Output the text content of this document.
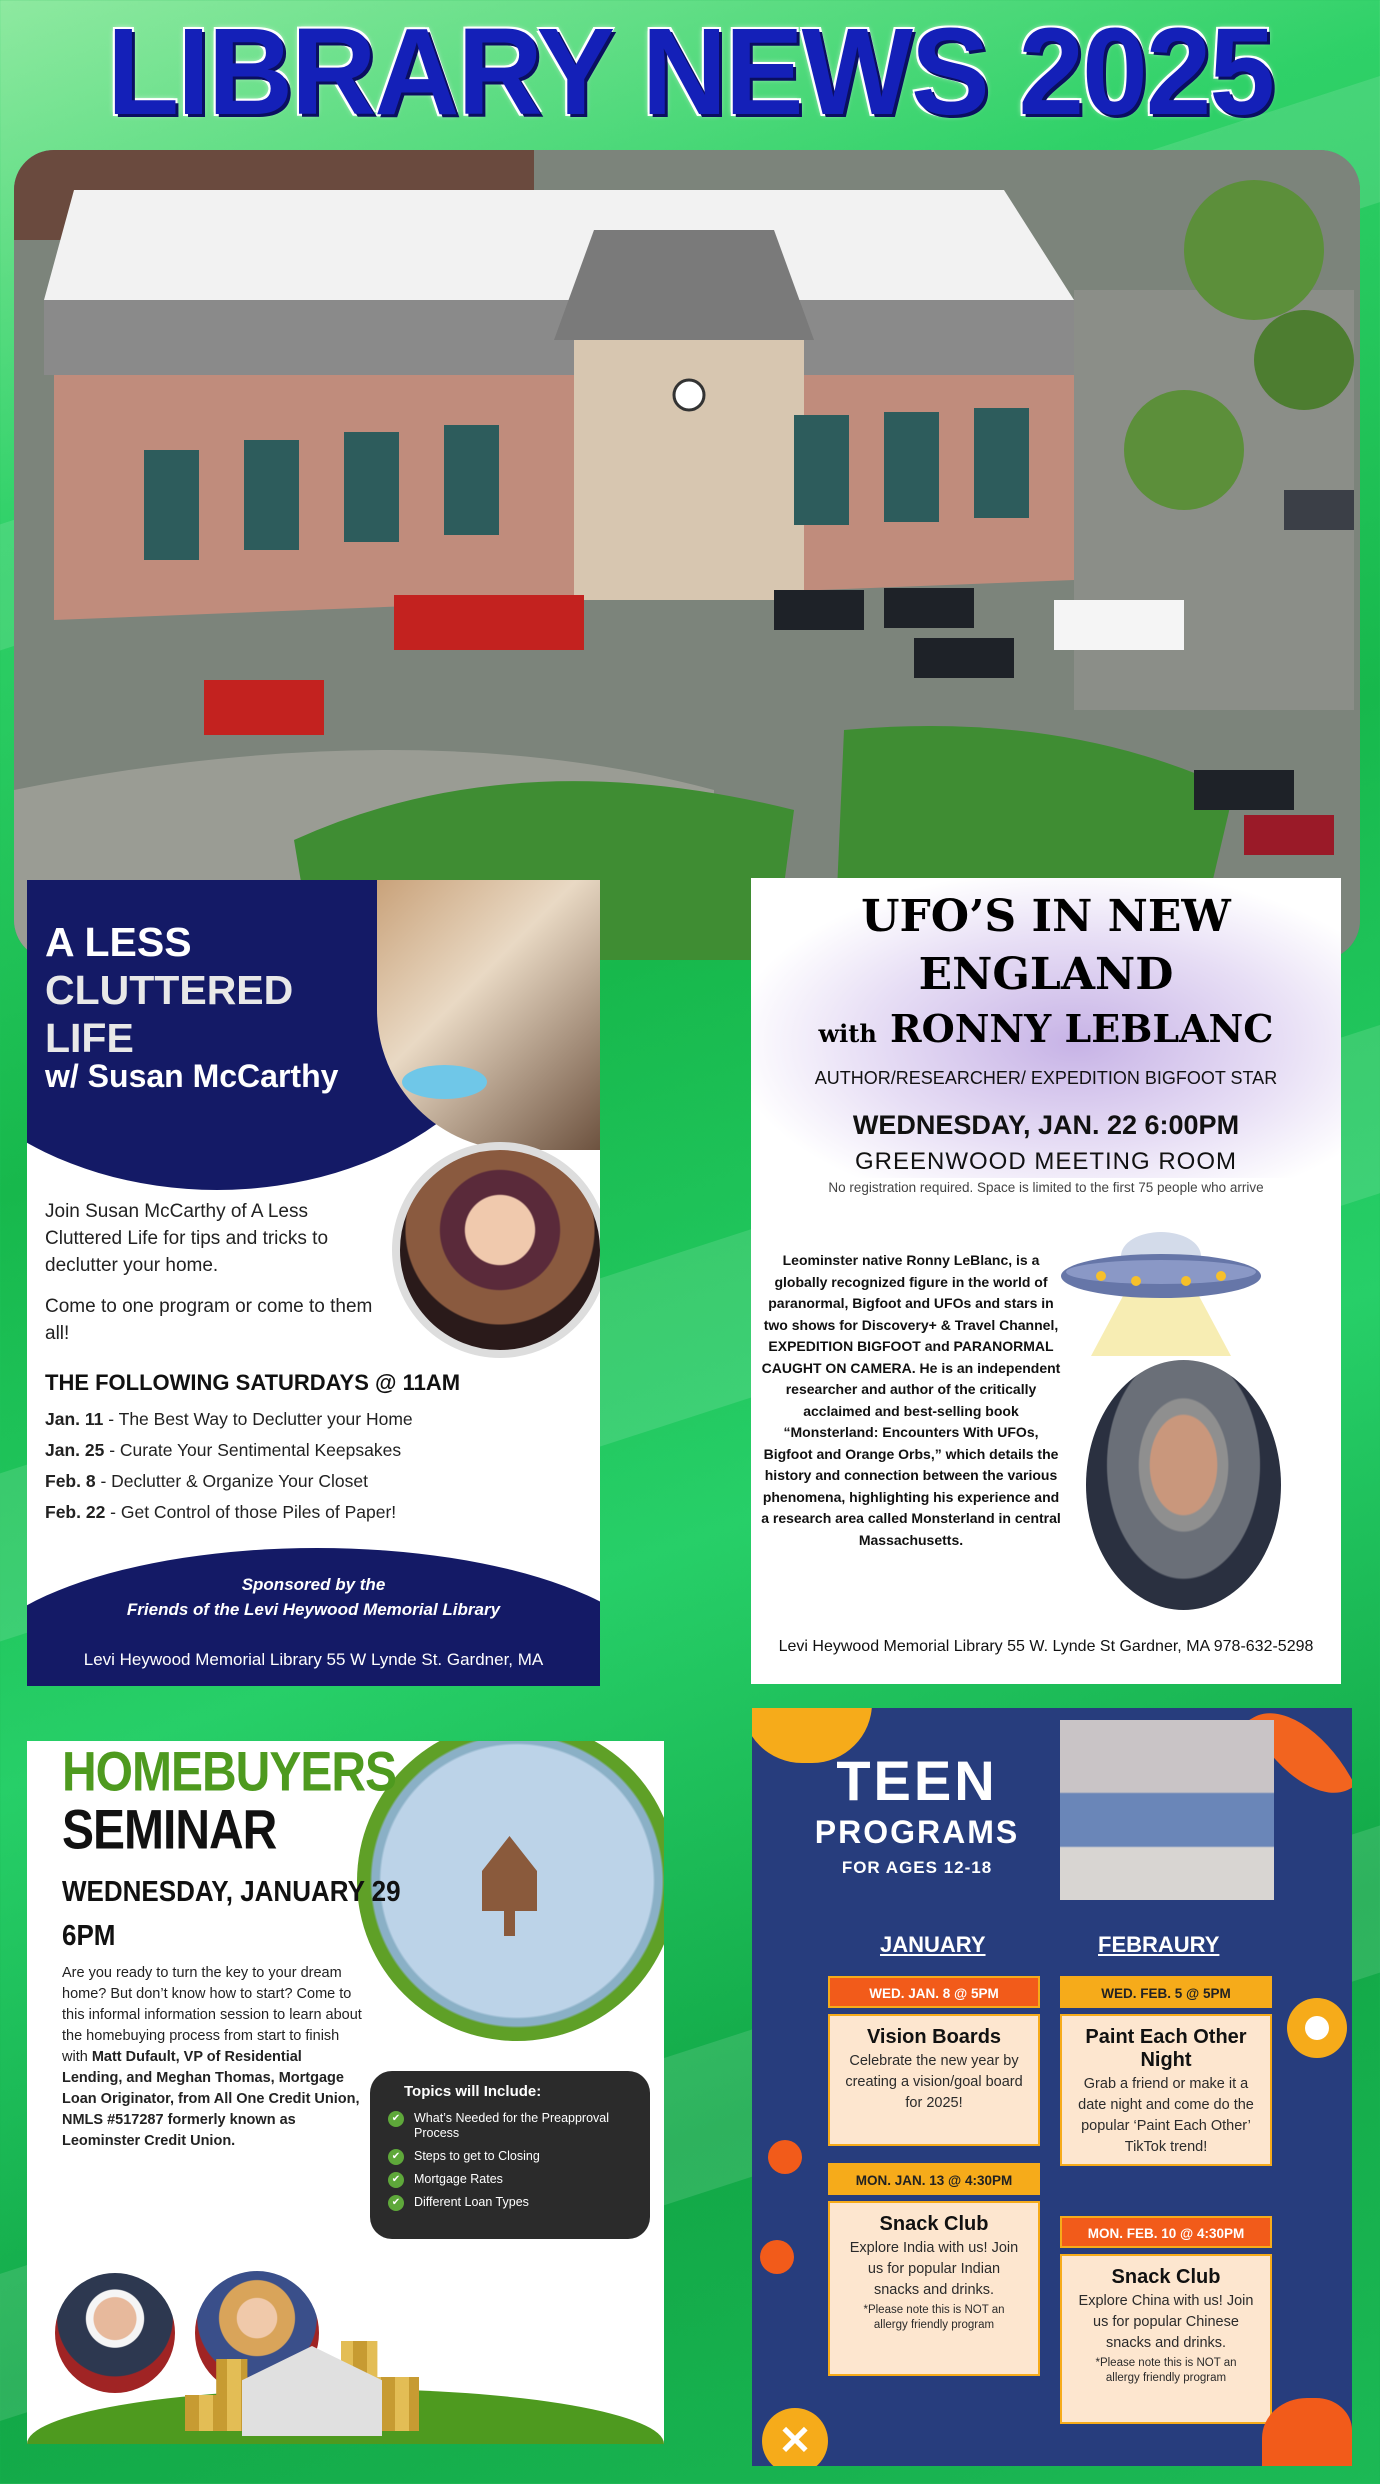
LIBRARY NEWS 2025
A LESS
CLUTTERED
LIFE
w/ Susan McCarthy

Join Susan McCarthy of A Less Cluttered Life for tips and tricks to declutter your home.

Come to one program or come to them all!

THE FOLLOWING SATURDAYS @ 11AM
Jan. 11 - The Best Way to Declutter your Home
Jan. 25 - Curate Your Sentimental Keepsakes
Feb. 8 - Declutter & Organize Your Closet
Feb. 22 - Get Control of those Piles of Paper!
Sponsored by the
Friends of the Levi Heywood Memorial Library
Levi Heywood Memorial Library 55 W Lynde St. Gardner, MA
UFO’S IN NEW
ENGLAND
with RONNY LEBLANC
AUTHOR/RESEARCHER/ EXPEDITION BIGFOOT STAR
WEDNESDAY, JAN. 22 6:00PM
GREENWOOD MEETING ROOM
No registration required. Space is limited to the first 75 people who arrive
Leominster native Ronny LeBlanc, is a globally recognized figure in the world of paranormal, Bigfoot and UFOs and stars in two shows for Discovery+ & Travel Channel, EXPEDITION BIGFOOT and PARANORMAL CAUGHT ON CAMERA. He is an independent researcher and author of the critically acclaimed and best-selling book “Monsterland: Encounters With UFOs, Bigfoot and Orange Orbs,” which details the history and connection between the various phenomena, highlighting his experience and a research area called Monsterland in central Massachusetts.
Levi Heywood Memorial Library 55 W. Lynde St Gardner, MA 978-632-5298
HOMEBUYERS
SEMINAR
WEDNESDAY, JANUARY 29
6PM
Are you ready to turn the key to your dream home? But don’t know how to start? Come to this informal information session to learn about the homebuying process from start to finish with Matt Dufault, VP of Residential Lending, and Meghan Thomas, Mortgage Loan Originator, from All One Credit Union, NMLS #517287 formerly known as Leominster Credit Union.
Topics will Include:
✔ What’s Needed for the Preapproval Process
✔ Steps to get to Closing
✔ Mortgage Rates
✔ Different Loan Types
TEEN
PROGRAMS
FOR AGES 12-18
JANUARY	FEBRAURY
WED. JAN. 8 @ 5PM
Vision Boards
Celebrate the new year by creating a vision/goal board for 2025!
MON. JAN. 13 @ 4:30PM
Snack Club
Explore India with us! Join us for popular Indian snacks and drinks.
*Please note this is NOT an allergy friendly program
WED. FEB. 5 @ 5PM
Paint Each Other Night
Grab a friend or make it a date night and come do the popular ‘Paint Each Other’ TikTok trend!
MON. FEB. 10 @ 4:30PM
Snack Club
Explore China with us! Join us for popular Chinese snacks and drinks.
*Please note this is NOT an allergy friendly program
✕
